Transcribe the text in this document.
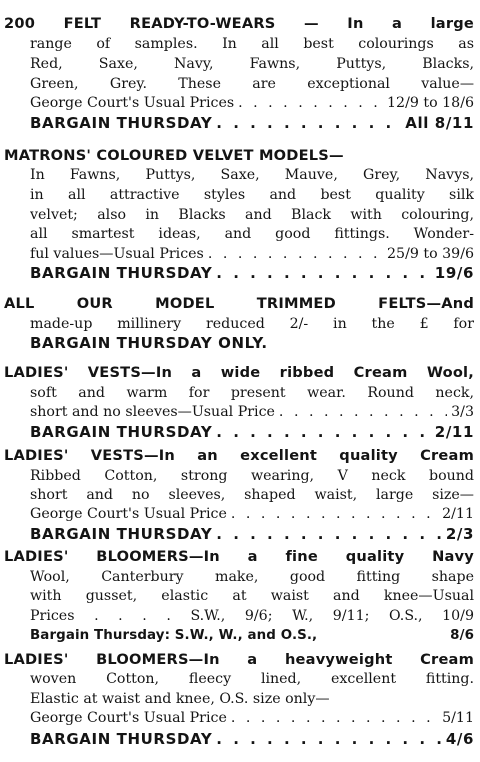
200 FELT READY-TO-WEARS — In a large
range of samples. In all best colourings as
Red, Saxe, Navy, Fawns, Puttys, Blacks,
Green, Grey. These are exceptional value—
George Court's Usual Prices . . .	12/9 to 18/6
BARGAIN THURSDAY . . .	All 8/11
MATRONS' COLOURED VELVET MODELS—
In Fawns, Puttys, Saxe, Mauve, Grey, Navys,
in all attractive styles and best quality silk
velvet; also in Blacks and Black with colouring,
all smartest ideas, and good fittings. Wonder-
ful values—Usual Prices . . .	25/9 to 39/6
BARGAIN THURSDAY . . .	19/6
ALL OUR MODEL TRIMMED FELTS—And
made-up millinery reduced 2/- in the £ for
BARGAIN THURSDAY ONLY.
LADIES' VESTS—In a wide ribbed Cream Wool,
soft and warm for present wear. Round neck,
short and no sleeves—Usual Price . . .	3/3
BARGAIN THURSDAY . . .	2/11
LADIES' VESTS—In an excellent quality Cream
Ribbed Cotton, strong wearing, V neck bound
short and no sleeves, shaped waist, large size—
George Court's Usual Price . . .	2/11
BARGAIN THURSDAY . . .	2/3
LADIES' BLOOMERS—In a fine quality Navy
Wool, Canterbury make, good fitting shape
with gusset, elastic at waist and knee—Usual
Prices . . . . S.W., 9/6; W., 9/11; O.S., 10/9
Bargain Thursday: S.W., W., and O.S.,	8/6
LADIES' BLOOMERS—In a heavyweight Cream
woven Cotton, fleecy lined, excellent fitting.
Elastic at waist and knee, O.S. size only—
George Court's Usual Price . . .	5/11
BARGAIN THURSDAY . . .	4/6
